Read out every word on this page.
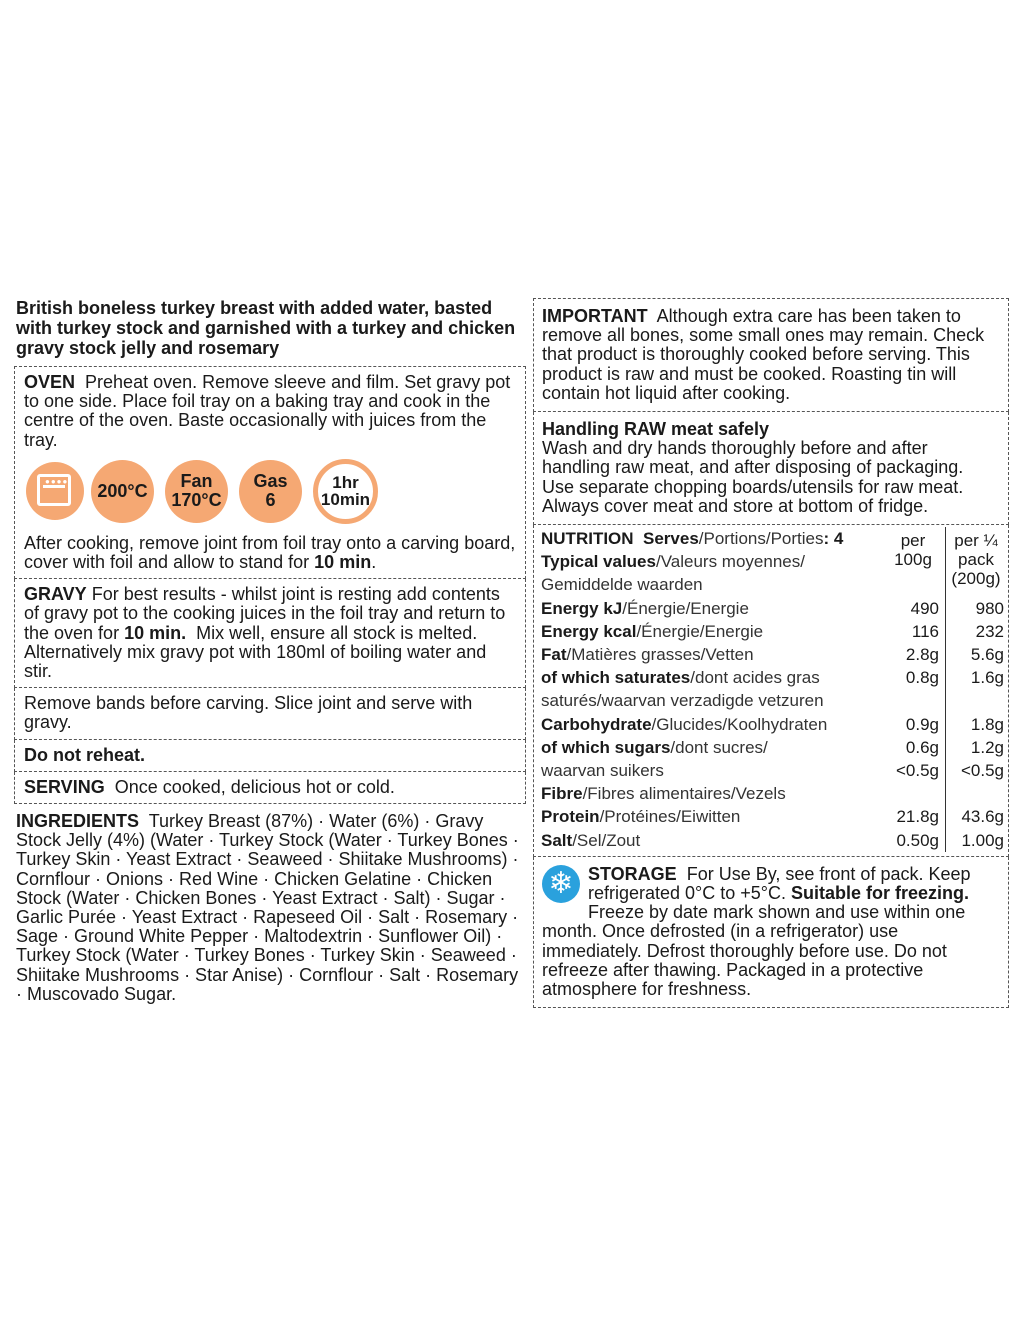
British boneless turkey breast with added water, basted with turkey stock and garnished with a turkey and chicken gravy stock jelly and rosemary
OVEN Preheat oven. Remove sleeve and film. Set gravy pot to one side. Place foil tray on a baking tray and cook in the centre of the oven. Baste occasionally with juices from the tray.
●●●● 200°C Fan
170°C
Gas
6
1hr
10min
After cooking, remove joint from foil tray onto a carving board, cover with foil and allow to stand for 10 min.
GRAVY For best results - whilst joint is resting add contents of gravy pot to the cooking juices in the foil tray and return to the oven for 10 min. Mix well, ensure all stock is melted. Alternatively mix gravy pot with 180ml of boiling water and stir.
Remove bands before carving. Slice joint and serve with gravy.
Do not reheat.
SERVING Once cooked, delicious hot or cold.
INGREDIENTS Turkey Breast (87%) · Water (6%) · Gravy Stock Jelly (4%) (Water · Turkey Stock (Water · Turkey Bones · Turkey Skin · Yeast Extract · Seaweed · Shiitake Mushrooms) · Cornflour · Onions · Red Wine · Chicken Gelatine · Chicken Stock (Water · Chicken Bones · Yeast Extract · Salt) · Sugar · Garlic Purée · Yeast Extract · Rapeseed Oil · Salt · Rosemary · Sage · Ground White Pepper · Maltodextrin · Sunflower Oil) · Turkey Stock (Water · Turkey Bones · Turkey Skin · Seaweed · Shiitake Mushrooms · Star Anise) · Cornflour · Salt · Rosemary · Muscovado Sugar.
IMPORTANT Although extra care has been taken to remove all bones, some small ones may remain. Check that product is thoroughly cooked before serving. This product is raw and must be cooked. Roasting tin will contain hot liquid after cooking.
Handling RAW meat safely
Wash and dry hands thoroughly before and after handling raw meat, and after disposing of packaging. Use separate chopping boards/utensils for raw meat. Always cover meat and store at bottom of fridge.
NUTRITION Serves/Portions/Porties: 4
Typical values/Valeurs moyennes/
Gemiddelde waarden	per 100g	per ¼ pack (200g)
Energy kJ/Énergie/Energie	490	980
Energy kcal/Énergie/Energie	116	232
Fat/Matières grasses/Vetten	2.8g	5.6g
of which saturates/dont acides gras	0.8g	1.6g
saturés/waarvan verzadigde vetzuren		
Carbohydrate/Glucides/Koolhydraten	0.9g	1.8g
of which sugars/dont sucres/	0.6g	1.2g
waarvan suikers	<0.5g	<0.5g
Fibre/Fibres alimentaires/Vezels		
Protein/Protéines/Eiwitten	21.8g	43.6g
Salt/Sel/Zout	0.50g	1.00g
❄ STORAGE For Use By, see front of pack. Keep refrigerated 0°C to +5°C. Suitable for freezing. Freeze by date mark shown and use within one month. Once defrosted (in a refrigerator) use immediately. Defrost thoroughly before use. Do not refreeze after thawing. Packaged in a protective atmosphere for freshness.
